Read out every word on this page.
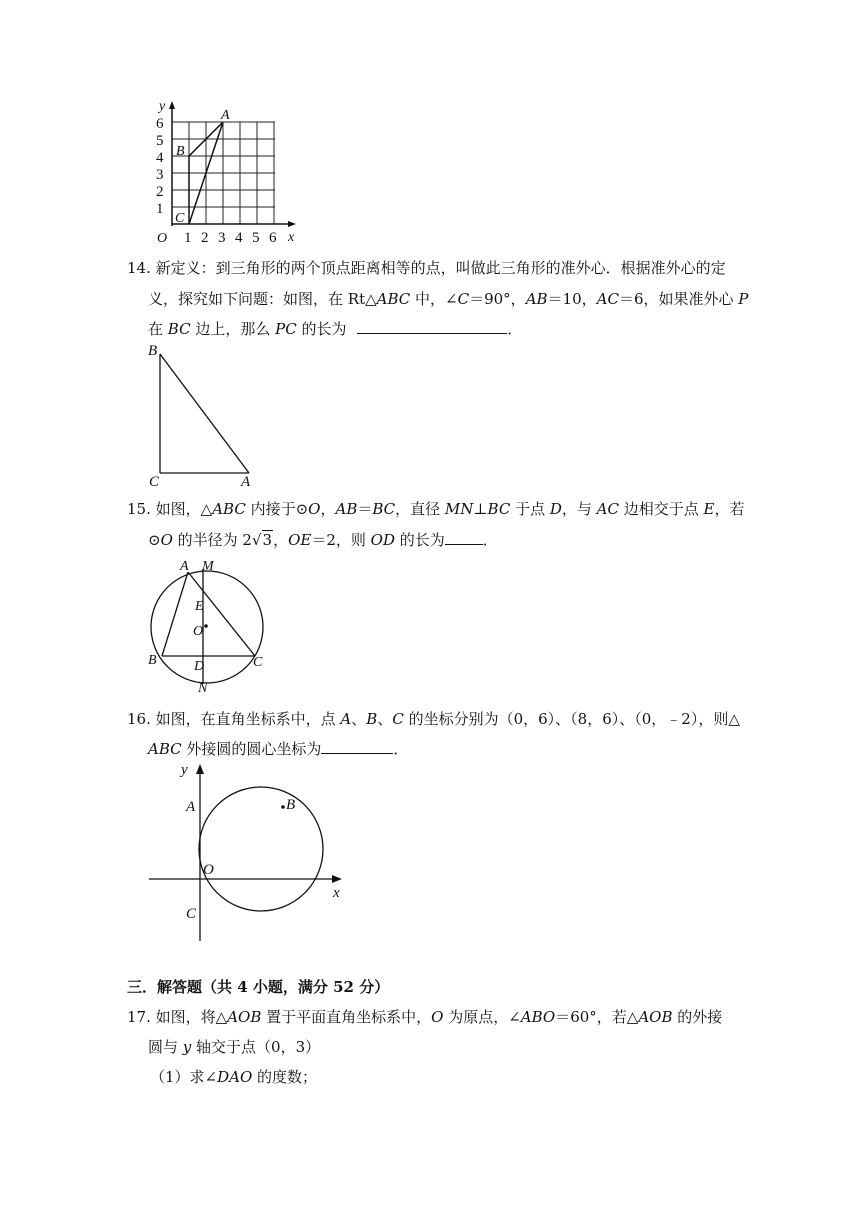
y
x
O
A
B
C
1 2 3 4 5 6
1
2
3
4
5
6
14. 新定义：到三角形的两个顶点距离相等的点，叫做此三角形的准外心．根据准外心的定
义，探究如下问题：如图，在 Rt△ABC 中，∠C＝90°，AB＝10，AC＝6，如果准外心 P
在 BC 边上，那么 PC 的长为	．
B
C	A
15. 如图，△ABC 内接于⊙O，AB＝BC，直径 MN⊥BC 于点 D，与 AC 边相交于点 E，若
⊙O 的半径为 2√3，OE＝2，则 OD 的长为	．
A M
E
O
B	D	C
N
16. 如图，在直角坐标系中，点 A、B、C 的坐标分别为（0，6）、（8，6）、（0，﹣2），则△
ABC 外接圆的圆心坐标为	．
y
x
A	B
O
C
三．解答题（共 4 小题，满分 52 分）
17. 如图，将△AOB 置于平面直角坐标系中，O 为原点，∠ABO＝60°，若△AOB 的外接
圆与 y 轴交于点（0，3）
（1）求∠DAO 的度数；
